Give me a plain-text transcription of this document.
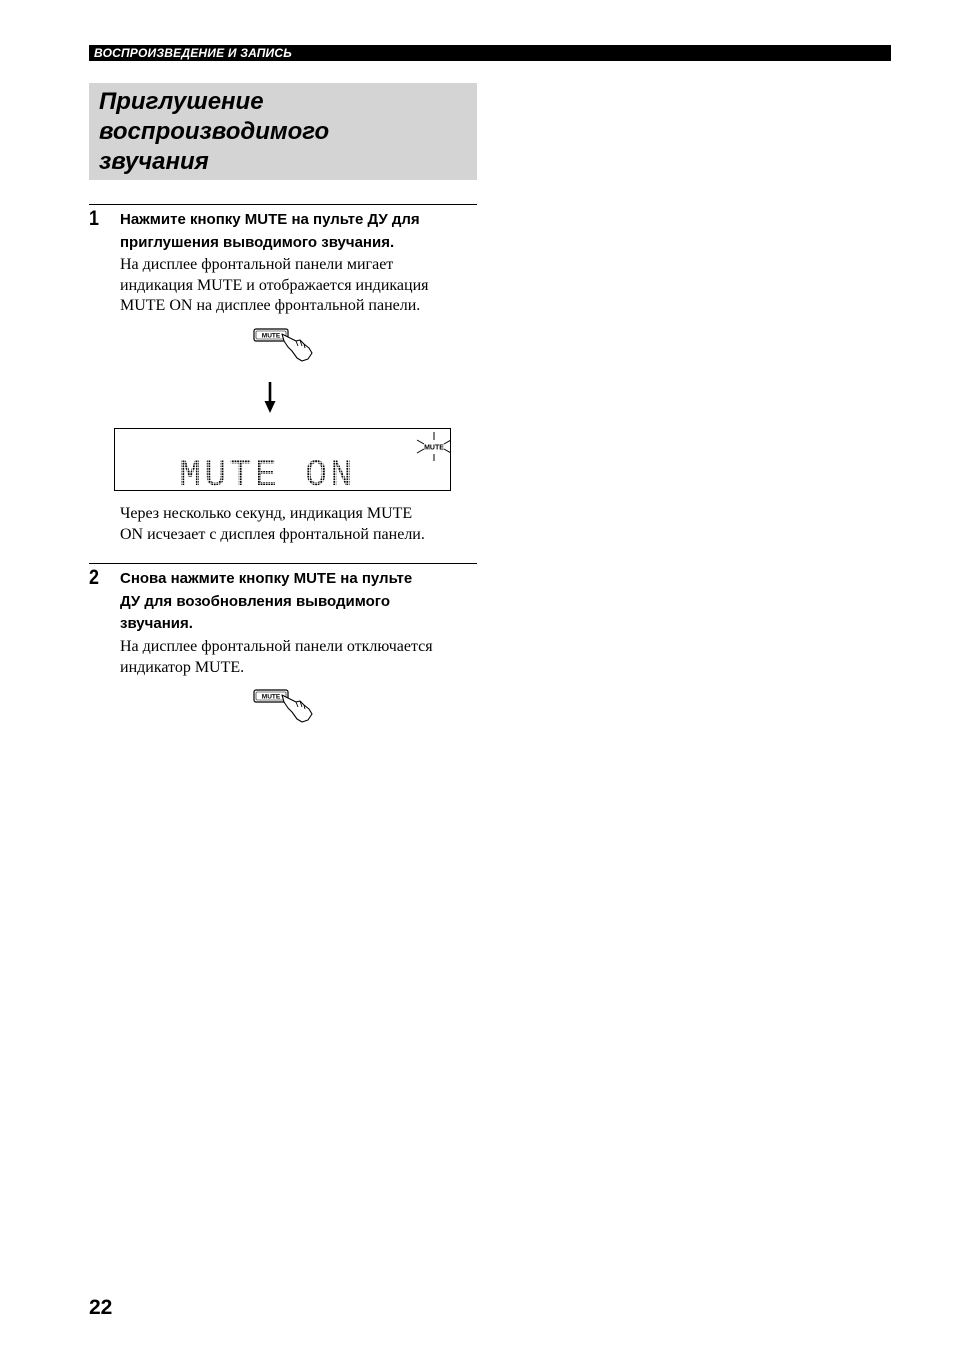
ВОСПРОИЗВЕДЕНИЕ И ЗАПИСЬ
Приглушение
воспроизводимого
звучания
1 Нажмите кнопку MUTE на пульте ДУ для
приглушения выводимого звучания.
На дисплее фронтальной панели мигает
индикация MUTE и отображается индикация
MUTE ON на дисплее фронтальной панели.
MUTE
MUTE ON
MUTE
Через несколько секунд, индикация MUTE
ON исчезает с дисплея фронтальной панели.
2 Снова нажмите кнопку MUTE на пульте
ДУ для возобновления выводимого
звучания.
На дисплее фронтальной панели отключается
индикатор MUTE.
MUTE
22
